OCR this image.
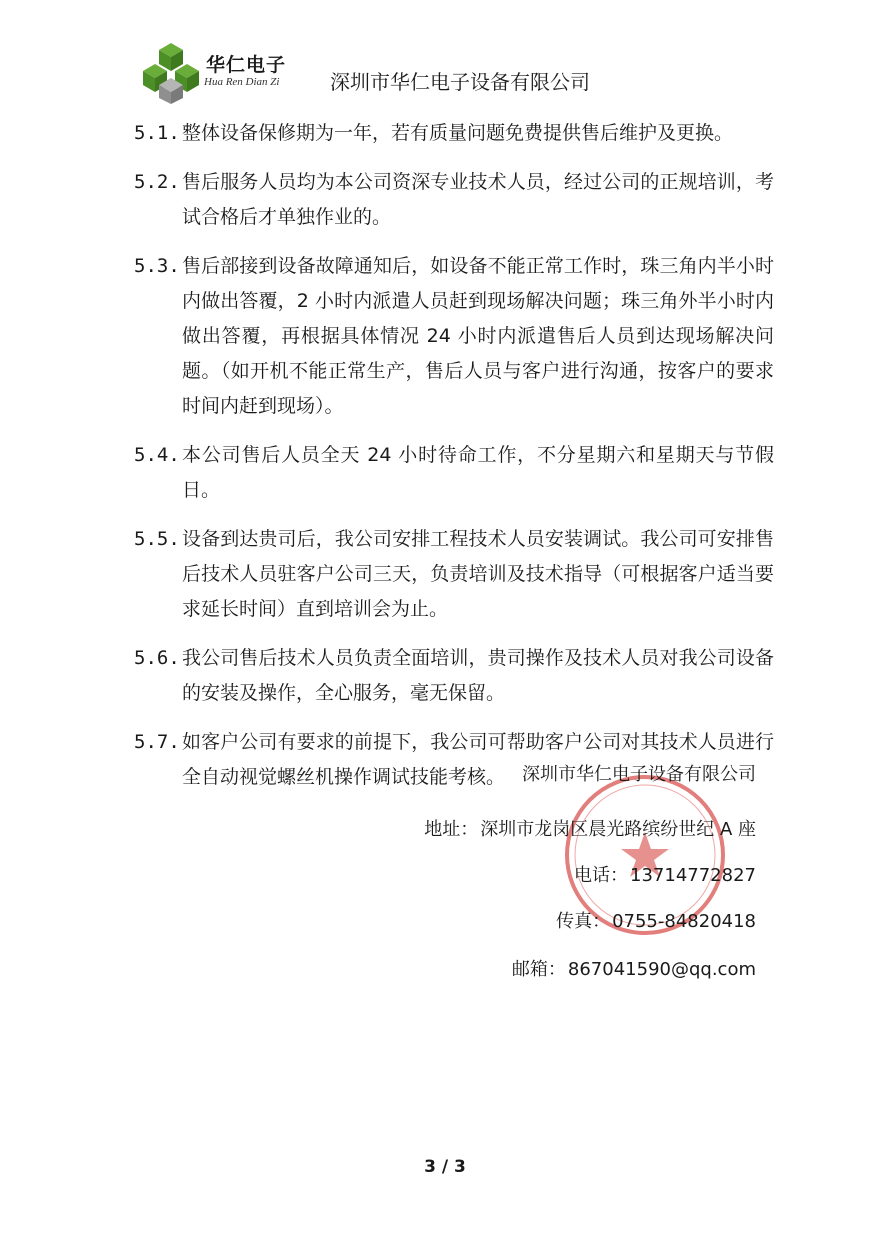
华仁电子
Hua Ren Dian Zi	深圳市华仁电子设备有限公司
5.1. 整体设备保修期为一年，若有质量问题免费提供售后维护及更换。
5.2. 售后服务人员均为本公司资深专业技术人员，经过公司的正规培训，考试合格后才单独作业的。
5.3. 售后部接到设备故障通知后，如设备不能正常工作时，珠三角内半小时内做出答覆，2 小时内派遣人员赶到现场解决问题；珠三角外半小时内做出答覆，再根据具体情况 24 小时内派遣售后人员到达现场解决问题。（如开机不能正常生产，售后人员与客户进行沟通，按客户的要求时间内赶到现场）。
5.4. 本公司售后人员全天 24 小时待命工作，不分星期六和星期天与节假日。
5.5. 设备到达贵司后，我公司安排工程技术人员安装调试。我公司可安排售后技术人员驻客户公司三天，负责培训及技术指导（可根据客户适当要求延长时间）直到培训会为止。
5.6. 我公司售后技术人员负责全面培训，贵司操作及技术人员对我公司设备的安装及操作，全心服务，毫无保留。
5.7. 如客户公司有要求的前提下，我公司可帮助客户公司对其技术人员进行全自动视觉螺丝机操作调试技能考核。 深圳市华仁电子设备有限公司
地址： 深圳市龙岗区晨光路缤纷世纪 A 座
电话： 13714772827
传真： 0755-84820418
邮箱： 867041590@qq.com
3 / 3
